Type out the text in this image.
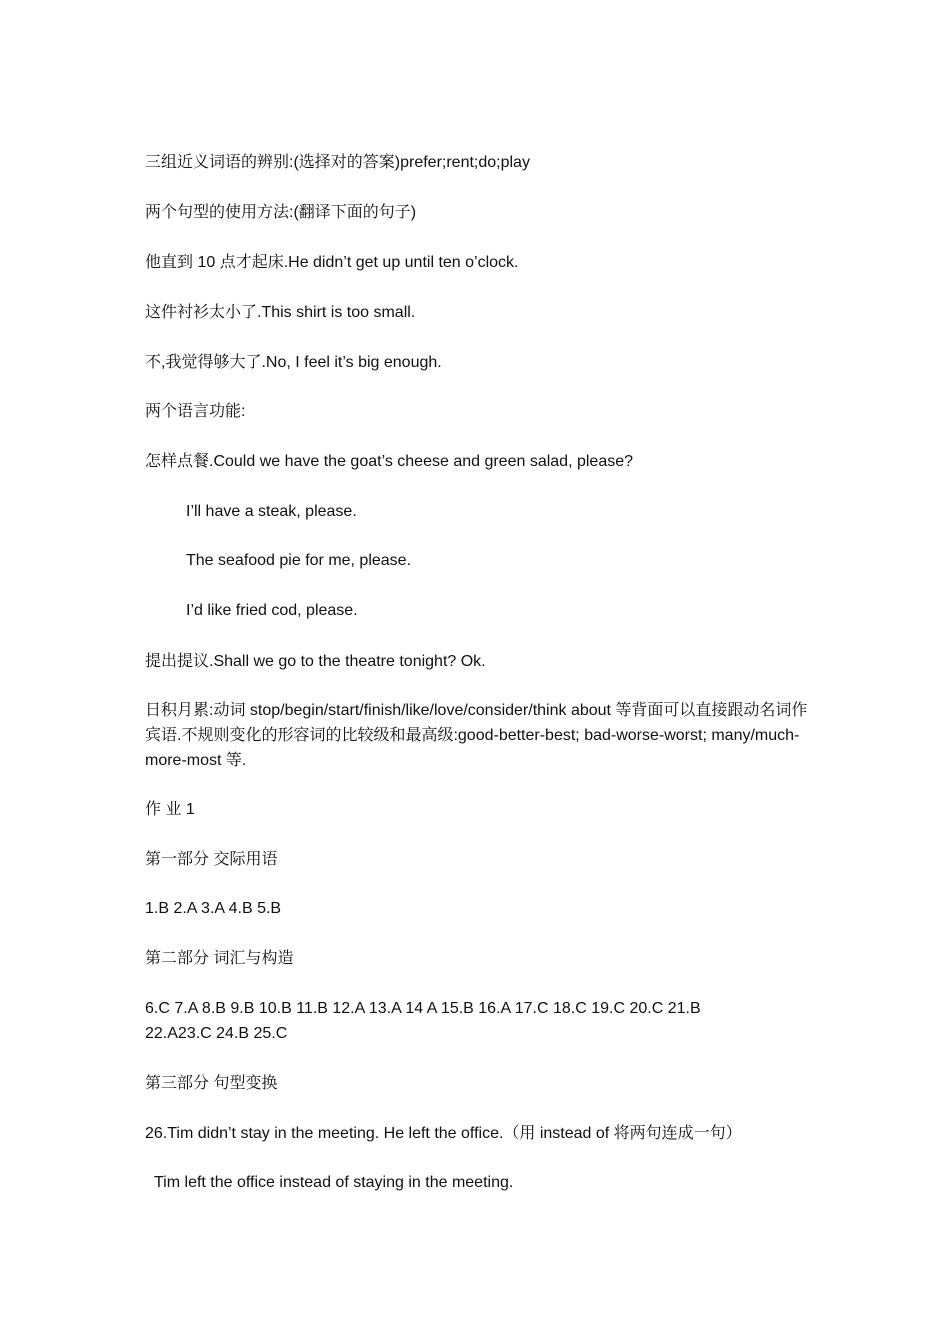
三组近义词语的辨别:(选择对的答案)prefer;rent;do;play
两个句型的使用方法:(翻译下面的句子)
他直到 10 点才起床.He didn’t get up until ten o’clock.
这件衬衫太小了.This shirt is too small.
不,我觉得够大了.No, I feel it’s big enough.
两个语言功能:
怎样点餐.Could we have the goat’s cheese and green salad, please?
I’ll have a steak, please.
The seafood pie for me, please.
I’d like fried cod, please.
提出提议.Shall we go to the theatre tonight? Ok.
日积月累:动词 stop/begin/start/finish/like/love/consider/think about 等背面可以直接跟动名词作宾语.不规则变化的形容词的比较级和最高级:good-better-best; bad-worse-worst; many/much-more-most 等.
作 业 1
第一部分 交际用语
1.B 2.A 3.A 4.B 5.B
第二部分 词汇与构造
6.C 7.A 8.B 9.B 10.B 11.B 12.A 13.A 14 A 15.B 16.A 17.C 18.C 19.C 20.C 21.B 22.A23.C 24.B 25.C
第三部分 句型变换
26.Tim didn’t stay in the meeting. He left the office.（用 instead of 将两句连成一句）
Tim left the office instead of staying in the meeting.
